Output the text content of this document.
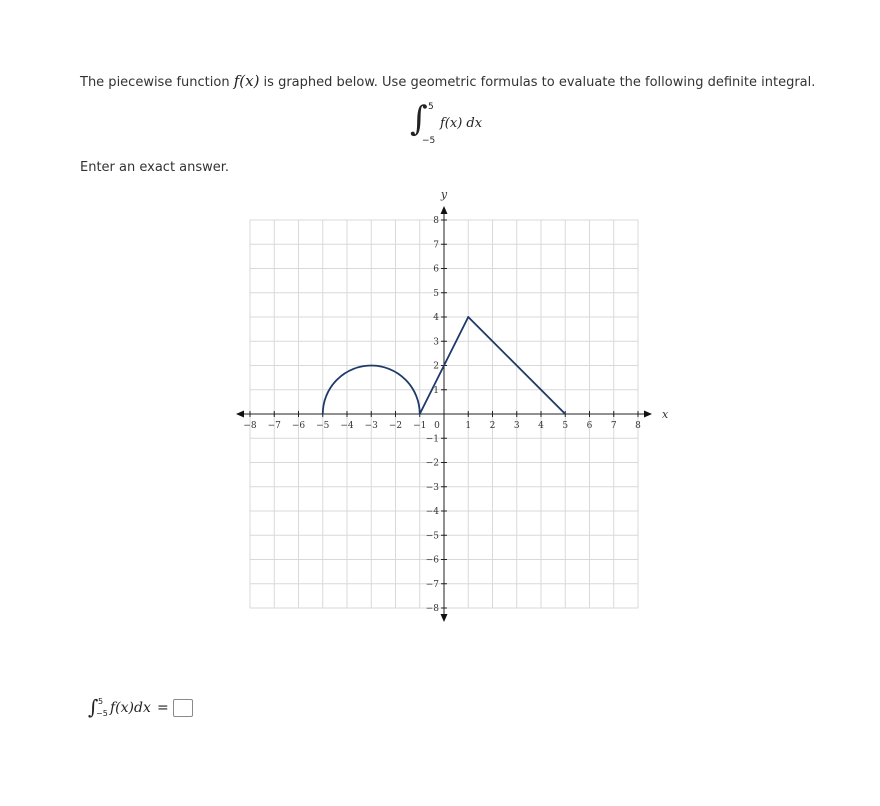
The piecewise function f(x) is graphed below. Use geometric formulas to evaluate the following definite integral.
∫ 5
−5
f(x) dx
Enter an exact answer.
−8 −7 −6 −5 −4 −3 −2 −1	1 2 3 4 5 6 7 8
−8
−7
−6
−5
−4
−3
−2
−1
1
2
3
4
5
6
7
8
x
y
0
∫ 5
−5 f(x)dx =
